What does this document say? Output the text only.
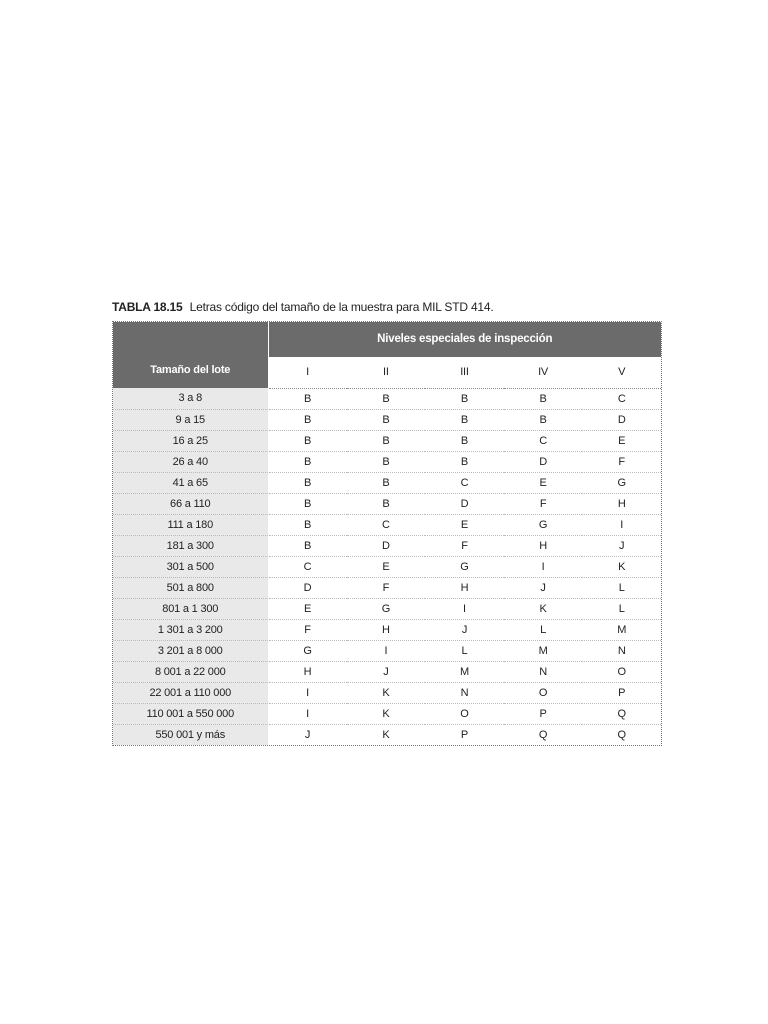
TABLA 18.15 Letras código del tamaño de la muestra para MIL STD 414.
Tamaño del lote	Niveles especiales de inspección				
	I	II	III	IV	V
3 a 8	B	B	B	B	C
9 a 15	B	B	B	B	D
16 a 25	B	B	B	C	E
26 a 40	B	B	B	D	F
41 a 65	B	B	C	E	G
66 a 110	B	B	D	F	H
111 a 180	B	C	E	G	I
181 a 300	B	D	F	H	J
301 a 500	C	E	G	I	K
501 a 800	D	F	H	J	L
801 a 1 300	E	G	I	K	L
1 301 a 3 200	F	H	J	L	M
3 201 a 8 000	G	I	L	M	N
8 001 a 22 000	H	J	M	N	O
22 001 a 110 000	I	K	N	O	P
110 001 a 550 000	I	K	O	P	Q
550 001 y más	J	K	P	Q	Q
